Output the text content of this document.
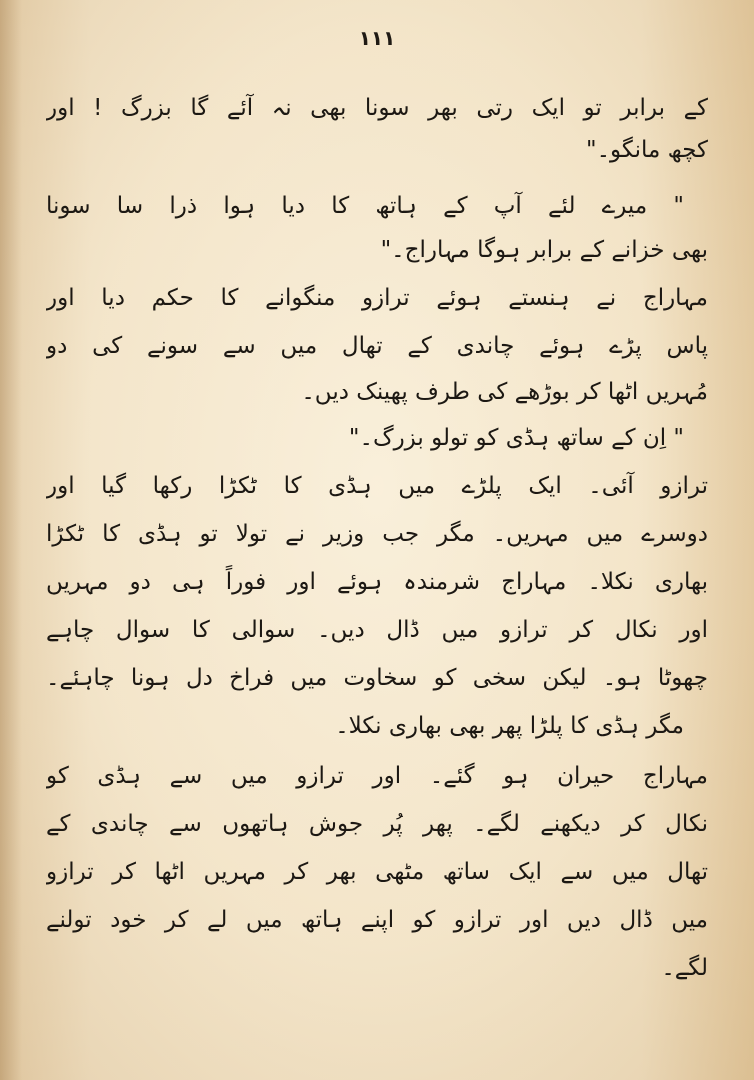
۱۱۱
کے برابر تو ایک رتی بھر سونا بھی نہ آئے گا بزرگ ! اور
کچھ مانگو۔"
" میرے لئے آپ کے ہاتھ کا دیا ہوا ذرا سا سونا
بھی خزانے کے برابر ہوگا مہاراج۔"
مہاراج نے ہنستے ہوئے ترازو منگوانے کا حکم دیا اور
پاس پڑے ہوئے چاندی کے تھال میں سے سونے کی دو
مُہریں اٹھا کر بوڑھے کی طرف پھینک دیں۔
" اِن کے ساتھ ہڈی کو تولو بزرگ۔"
ترازو آئی۔ ایک پلڑے میں ہڈی کا ٹکڑا رکھا گیا اور
دوسرے میں مہریں۔ مگر جب وزیر نے تولا تو ہڈی کا ٹکڑا
بھاری نکلا۔ مہاراج شرمندہ ہوئے اور فوراً ہی دو مہریں
اور نکال کر ترازو میں ڈال دیں۔ سوالی کا سوال چاہے
چھوٹا ہو۔ لیکن سخی کو سخاوت میں فراخ دل ہونا چاہئے۔
مگر ہڈی کا پلڑا پھر بھی بھاری نکلا۔
مہاراج حیران ہو گئے۔ اور ترازو میں سے ہڈی کو
نکال کر دیکھنے لگے۔ پھر پُر جوش ہاتھوں سے چاندی کے
تھال میں سے ایک ساتھ مٹھی بھر کر مہریں اٹھا کر ترازو
میں ڈال دیں اور ترازو کو اپنے ہاتھ میں لے کر خود تولنے
لگے۔
